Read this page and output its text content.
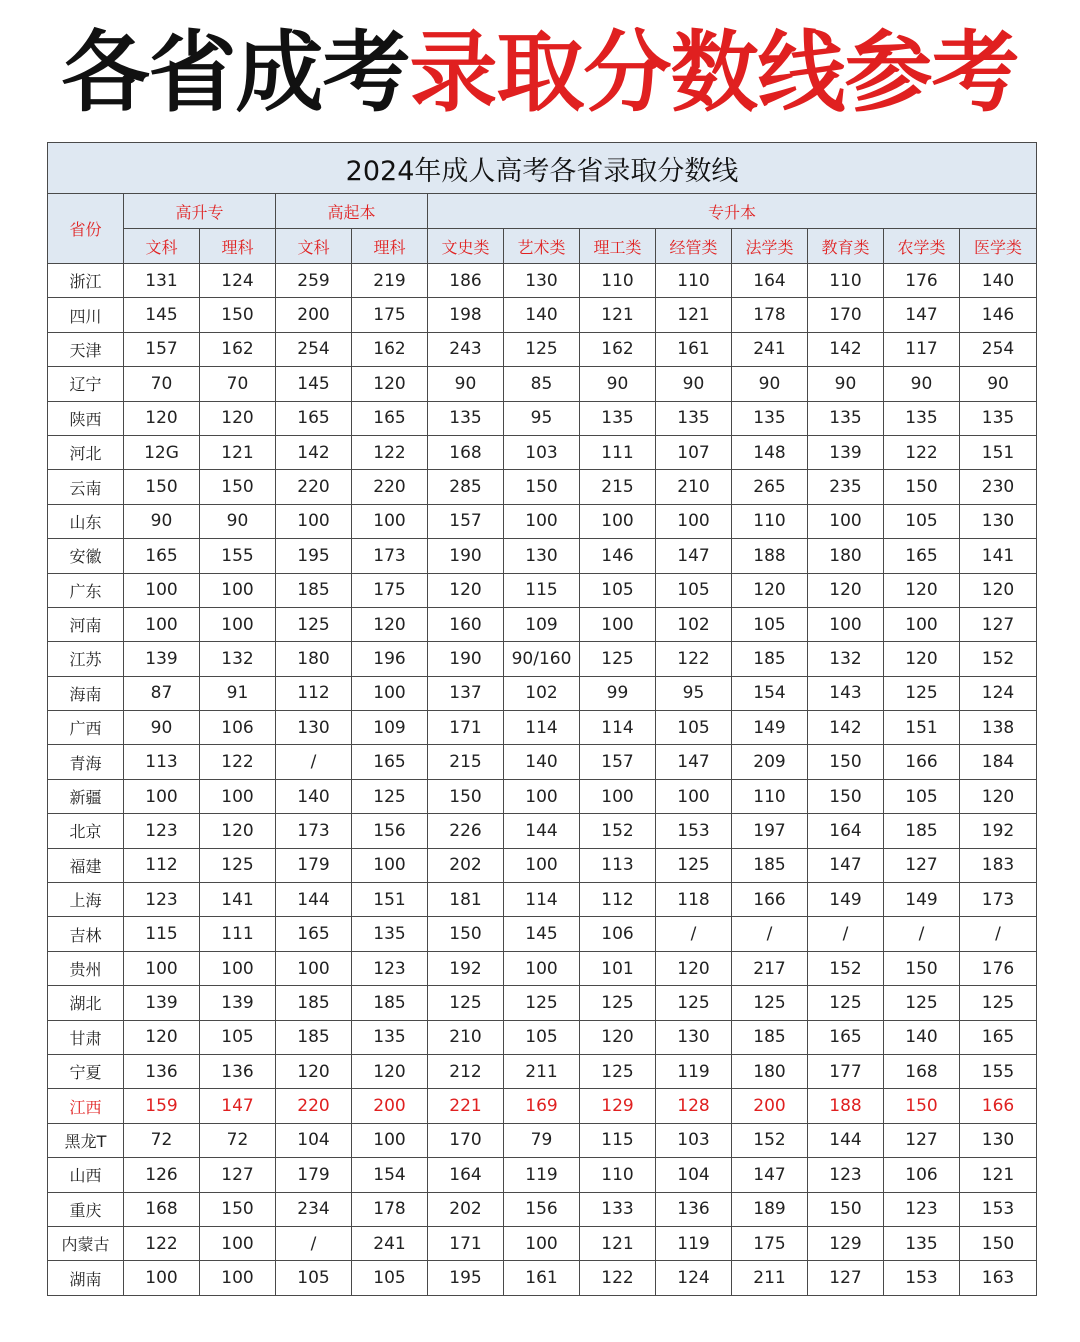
各省成考录取分数线参考
2024年成人高考各省录取分数线												
省份	高升专		高起本		专升本							
	文科	理科	文科	理科	文史类	艺术类	理工类	经管类	法学类	教育类	农学类	医学类
浙江	131	124	259	219	186	130	110	110	164	110	176	140
四川	145	150	200	175	198	140	121	121	178	170	147	146
天津	157	162	254	162	243	125	162	161	241	142	117	254
辽宁	70	70	145	120	90	85	90	90	90	90	90	90
陕西	120	120	165	165	135	95	135	135	135	135	135	135
河北	12G	121	142	122	168	103	111	107	148	139	122	151
云南	150	150	220	220	285	150	215	210	265	235	150	230
山东	90	90	100	100	157	100	100	100	110	100	105	130
安徽	165	155	195	173	190	130	146	147	188	180	165	141
广东	100	100	185	175	120	115	105	105	120	120	120	120
河南	100	100	125	120	160	109	100	102	105	100	100	127
江苏	139	132	180	196	190	90/160	125	122	185	132	120	152
海南	87	91	112	100	137	102	99	95	154	143	125	124
广西	90	106	130	109	171	114	114	105	149	142	151	138
青海	113	122	/	165	215	140	157	147	209	150	166	184
新疆	100	100	140	125	150	100	100	100	110	150	105	120
北京	123	120	173	156	226	144	152	153	197	164	185	192
福建	112	125	179	100	202	100	113	125	185	147	127	183
上海	123	141	144	151	181	114	112	118	166	149	149	173
吉林	115	111	165	135	150	145	106	/	/	/	/	/
贵州	100	100	100	123	192	100	101	120	217	152	150	176
湖北	139	139	185	185	125	125	125	125	125	125	125	125
甘肃	120	105	185	135	210	105	120	130	185	165	140	165
宁夏	136	136	120	120	212	211	125	119	180	177	168	155
江西	159	147	220	200	221	169	129	128	200	188	150	166
黑龙T	72	72	104	100	170	79	115	103	152	144	127	130
山西	126	127	179	154	164	119	110	104	147	123	106	121
重庆	168	150	234	178	202	156	133	136	189	150	123	153
内蒙古	122	100	/	241	171	100	121	119	175	129	135	150
湖南	100	100	105	105	195	161	122	124	211	127	153	163
